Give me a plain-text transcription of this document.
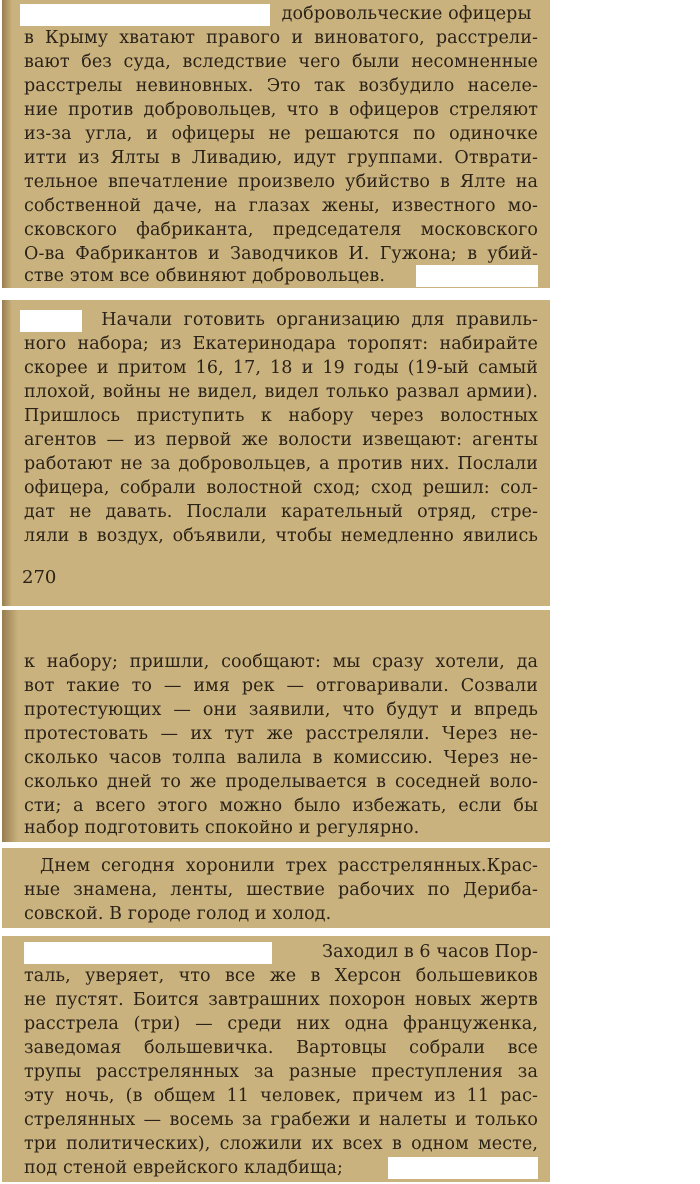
добровольческие офицеры
в Крыму хватают правого и виноватого, расстрели-
вают без суда, вследствие чего были несомненные
расстрелы невиновных. Это так возбудило населе-
ние против добровольцев, что в офицеров стреляют
из-за угла, и офицеры не решаются по одиночке
итти из Ялты в Ливадию, идут группами. Отврати-
тельное впечатление произвело убийство в Ялте на
собственной даче, на глазах жены, известного мо-
сковского фабриканта, председателя московского
О-ва Фабрикантов и Заводчиков И. Гужона; в убий-
стве этом все обвиняют добровольцев.
Начали готовить организацию для правиль-
ного набора; из Екатеринодара торопят: набирайте
скорее и притом 16, 17, 18 и 19 годы (19-ый самый
плохой, войны не видел, видел только развал армии).
Пришлось приступить к набору через волостных
агентов — из первой же волости извещают: агенты
работают не за добровольцев, а против них. Послали
офицера, собрали волостной сход; сход решил: сол-
дат не давать. Послали карательный отряд, стре-
ляли в воздух, объявили, чтобы немедленно явились
270
к набору; пришли, сообщают: мы сразу хотели, да
вот такие то — имя рек — отговаривали. Созвали
протестующих — они заявили, что будут и впредь
протестовать — их тут же расстреляли. Через не-
сколько часов толпа валила в комиссию. Через не-
сколько дней то же проделывается в соседней воло-
сти; а всего этого можно было избежать, если бы
набор подготовить спокойно и регулярно.
Днем сегодня хоронили трех расстрелянных.Крас-
ные знамена, ленты, шествие рабочих по Дериба-
совской. В городе голод и холод.
Заходил в 6 часов Пор-
таль, уверяет, что все же в Херсон большевиков
не пустят. Боится завтрашних похорон новых жертв
расстрела (три) — среди них одна француженка,
заведомая большевичка. Вартовцы собрали все
трупы расстрелянных за разные преступления за
эту ночь, (в общем 11 человек, причем из 11 рас-
стрелянных — восемь за грабежи и налеты и только
три политических), сложили их всех в одном месте,
под стеной еврейского кладбища;
